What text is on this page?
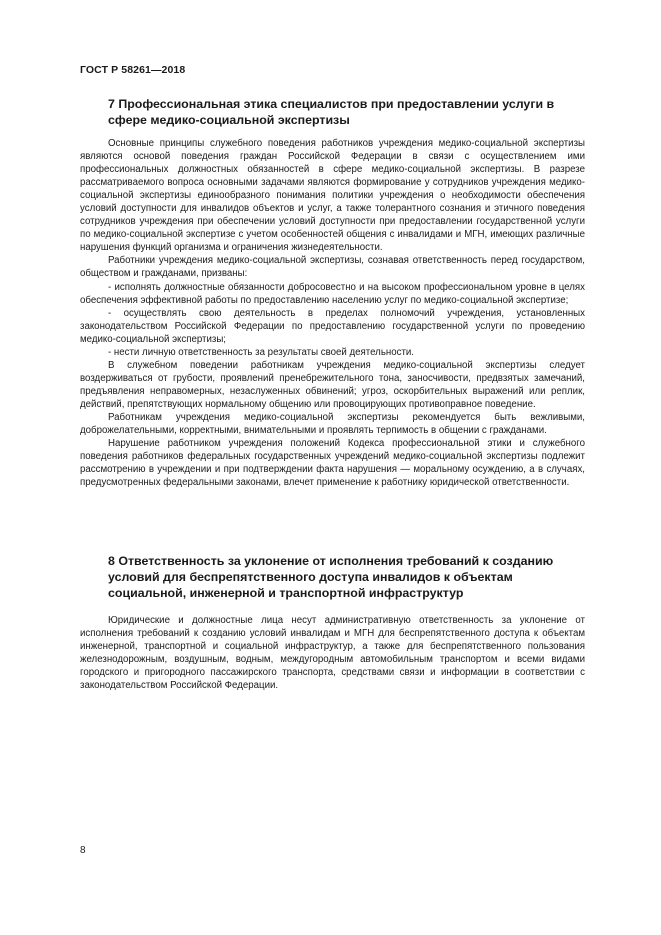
ГОСТ Р 58261—2018
7 Профессиональная этика специалистов при предоставлении услуги в сфере медико-социальной экспертизы

Основные принципы служебного поведения работников учреждения медико-социальной экспертизы являются основой поведения граждан Российской Федерации в связи с осуществлением ими профессиональных должностных обязанностей в сфере медико-социальной экспертизы. В разрезе рассматриваемого вопроса основными задачами являются формирование у сотрудников учреждения медико-социальной экспертизы единообразного понимания политики учреждения о необходимости обеспечения условий доступности для инвалидов объектов и услуг, а также толерантного сознания и этичного поведения сотрудников учреждения при обеспечении условий доступности при предоставлении государственной услуги по медико-социальной экспертизе с учетом особенностей общения с инвалидами и МГН, имеющих различные нарушения функций организма и ограничения жизнедеятельности.

Работники учреждения медико-социальной экспертизы, сознавая ответственность перед государством, обществом и гражданами, призваны:

- исполнять должностные обязанности добросовестно и на высоком профессиональном уровне в целях обеспечения эффективной работы по предоставлению населению услуг по медико-социальной экспертизе;

- осуществлять свою деятельность в пределах полномочий учреждения, установленных законодательством Российской Федерации по предоставлению государственной услуги по проведению медико-социальной экспертизы;

- нести личную ответственность за результаты своей деятельности.

В служебном поведении работникам учреждения медико-социальной экспертизы следует воздерживаться от грубости, проявлений пренебрежительного тона, заносчивости, предвзятых замечаний, предъявления неправомерных, незаслуженных обвинений; угроз, оскорбительных выражений или реплик, действий, препятствующих нормальному общению или провоцирующих противоправное поведение.

Работникам учреждения медико-социальной экспертизы рекомендуется быть вежливыми, доброжелательными, корректными, внимательными и проявлять терпимость в общении с гражданами.

Нарушение работником учреждения положений Кодекса профессиональной этики и служебного поведения работников федеральных государственных учреждений медико-социальной экспертизы подлежит рассмотрению в учреждении и при подтверждении факта нарушения — моральному осуждению, а в случаях, предусмотренных федеральными законами, влечет применение к работнику юридической ответственности.

8 Ответственность за уклонение от исполнения требований к созданию условий для беспрепятственного доступа инвалидов к объектам социальной, инженерной и транспортной инфраструктур

Юридические и должностные лица несут административную ответственность за уклонение от исполнения требований к созданию условий инвалидам и МГН для беспрепятственного доступа к объектам инженерной, транспортной и социальной инфраструктур, а также для беспрепятственного пользования железнодорожным, воздушным, водным, междугородным автомобильным транспортом и всеми видами городского и пригородного пассажирского транспорта, средствами связи и информации в соответствии с законодательством Российской Федерации.

8
